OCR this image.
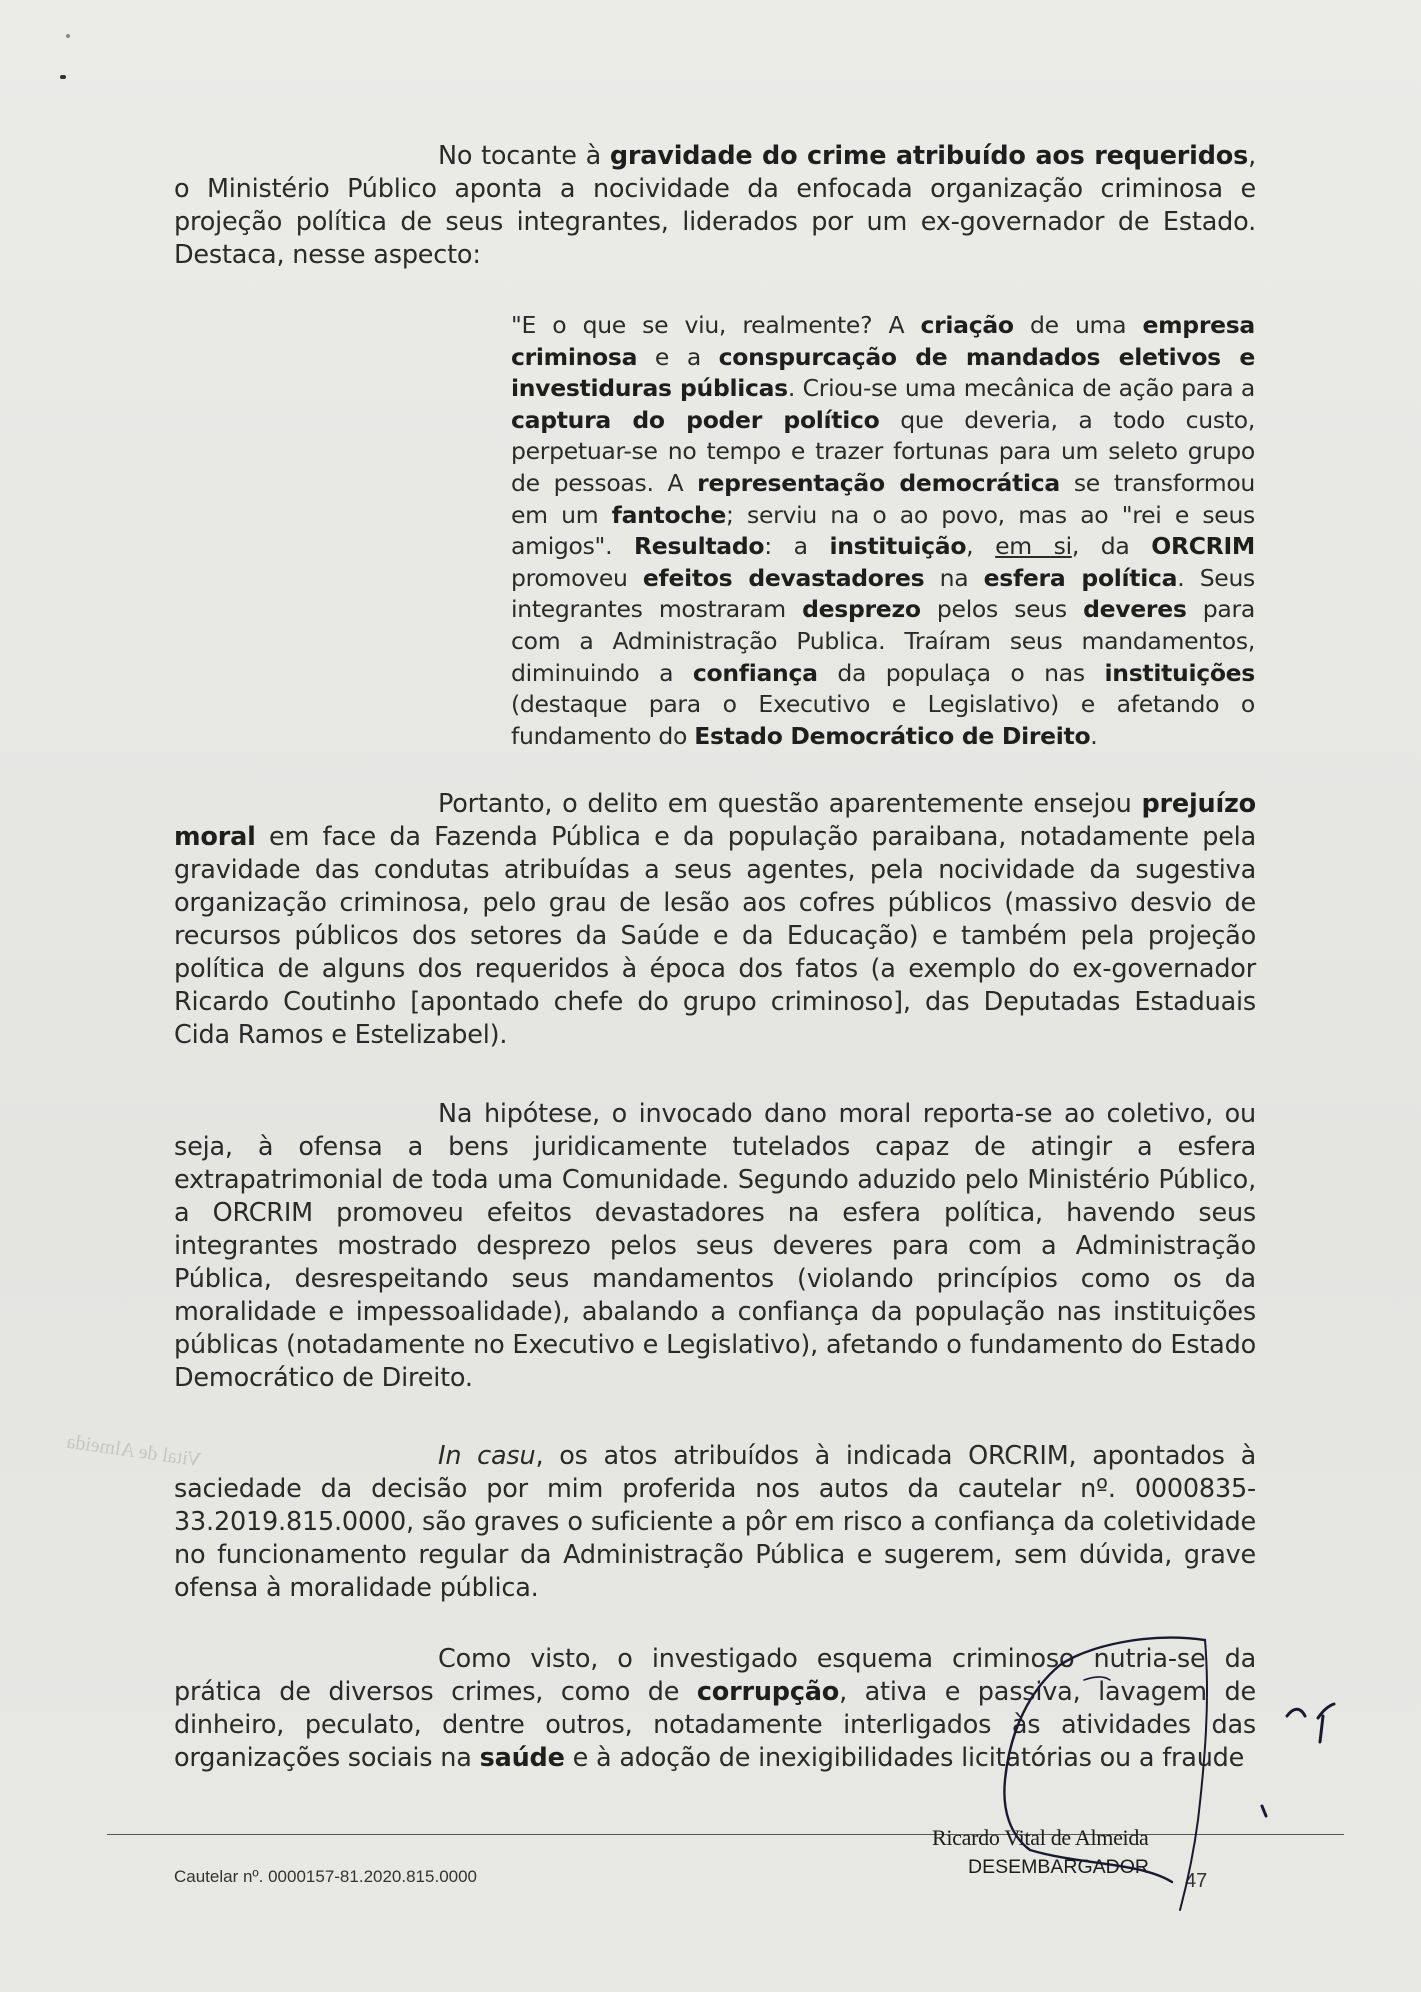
No tocante à gravidade do crime atribuído aos requeridos, o Ministério Público aponta a nocividade da enfocada organização criminosa e projeção política de seus integrantes, liderados por um ex-governador de Estado. Destaca, nesse aspecto:

"E o que se viu, realmente? A criação de uma empresa criminosa e a conspurcação de mandados eletivos e investiduras públicas. Criou-se uma mecânica de ação para a captura do poder político que deveria, a todo custo, perpetuar-se no tempo e trazer fortunas para um seleto grupo de pessoas. A representação democrática se transformou em um fantoche; serviu na o ao povo, mas ao "rei e seus amigos". Resultado: a instituição, em si, da ORCRIM promoveu efeitos devastadores na esfera política. Seus integrantes mostraram desprezo pelos seus deveres para com a Administração Publica. Traíram seus mandamentos, diminuindo a confiança da populaça o nas instituições (destaque para o Executivo e Legislativo) e afetando o fundamento do Estado Democrático de Direito.

Portanto, o delito em questão aparentemente ensejou prejuízo moral em face da Fazenda Pública e da população paraibana, notadamente pela gravidade das condutas atribuídas a seus agentes, pela nocividade da sugestiva organização criminosa, pelo grau de lesão aos cofres públicos (massivo desvio de recursos públicos dos setores da Saúde e da Educação) e também pela projeção política de alguns dos requeridos à época dos fatos (a exemplo do ex-governador Ricardo Coutinho [apontado chefe do grupo criminoso], das Deputadas Estaduais Cida Ramos e Estelizabel).

Na hipótese, o invocado dano moral reporta-se ao coletivo, ou seja, à ofensa a bens juridicamente tutelados capaz de atingir a esfera extrapatrimonial de toda uma Comunidade. Segundo aduzido pelo Ministério Público, a ORCRIM promoveu efeitos devastadores na esfera política, havendo seus integrantes mostrado desprezo pelos seus deveres para com a Administração Pública, desrespeitando seus mandamentos (violando princípios como os da moralidade e impessoalidade), abalando a confiança da população nas instituições públicas (notadamente no Executivo e Legislativo), afetando o fundamento do Estado Democrático de Direito.

In casu, os atos atribuídos à indicada ORCRIM, apontados à saciedade da decisão por mim proferida nos autos da cautelar nº. 0000835-33.2019.815.0000, são graves o suficiente a pôr em risco a confiança da coletividade no funcionamento regular da Administração Pública e sugerem, sem dúvida, grave ofensa à moralidade pública.

Como visto, o investigado esquema criminoso nutria-se da prática de diversos crimes, como de corrupção, ativa e passiva, lavagem de dinheiro, peculato, dentre outros, notadamente interligados às atividades das organizações sociais na saúde e à adoção de inexigibilidades licitatórias ou a fraude

Vital de Almeida
Cautelar nº. 0000157-81.2020.815.0000
Ricardo Vital de Almeida
DESEMBARGADOR
47
